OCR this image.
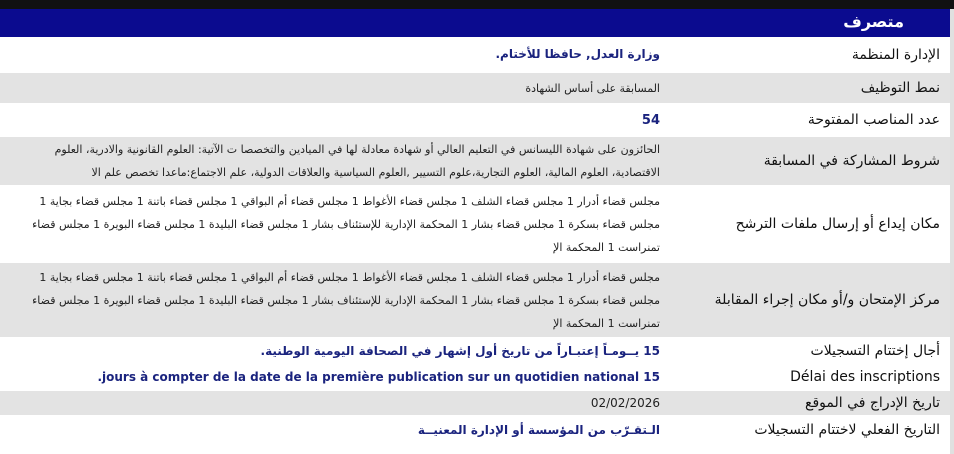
متصرف
الإدارة المنظمة	وزارة العدل, حافظا للأختام.
نمط التوظيف	المسابقة على أساس الشهادة
عدد المناصب المفتوحة	54
شروط المشاركة في المسابقة	الحائزون على شهادة الليسانس في التعليم العالي أو شهادة معادلة لها في الميادين والتخصصا ت الآتية: العلوم القانونية والادرية، العلوم الاقتصادية، العلوم المالية، العلوم التجارية،علوم التسيير ,العلوم السياسية والعلاقات الدولية، علم الاجتماع:ماعدا تخصص علم الا
مكان إيداع أو إرسال ملفات الترشح	مجلس قضاء أدرار 1 مجلس قضاء الشلف 1 مجلس قضاء الأغواط 1 مجلس قضاء أم البواقي 1 مجلس قضاء باتنة 1 مجلس قضاء بجاية 1 مجلس قضاء بسكرة 1 مجلس قضاء بشار 1 المحكمة الإدارية للإستئناف بشار 1 مجلس قضاء البليدة 1 مجلس قضاء البويرة 1 مجلس قضاء تمنراست 1 المحكمة الإ
مركز الإمتحان و/أو مكان إجراء المقابلة	مجلس قضاء أدرار 1 مجلس قضاء الشلف 1 مجلس قضاء الأغواط 1 مجلس قضاء أم البواقي 1 مجلس قضاء باتنة 1 مجلس قضاء بجاية 1 مجلس قضاء بسكرة 1 مجلس قضاء بشار 1 المحكمة الإدارية للإستئناف بشار 1 مجلس قضاء البليدة 1 مجلس قضاء البويرة 1 مجلس قضاء تمنراست 1 المحكمة الإ
أجال إختتام التسجيلات	15 يــومـاً إعتبـاراً من تاريخ أول إشهار في الصحافة اليومية الوطنية.
Délai des inscriptions	15 jours à compter de la date de la première publication sur un quotidien national.
تاريخ الإدراج في الموقع	02/02/2026
التاريخ الفعلي لاختتام التسجيلات	الـتقـرّب من المؤسسة أو الإدارة المعنيــة
